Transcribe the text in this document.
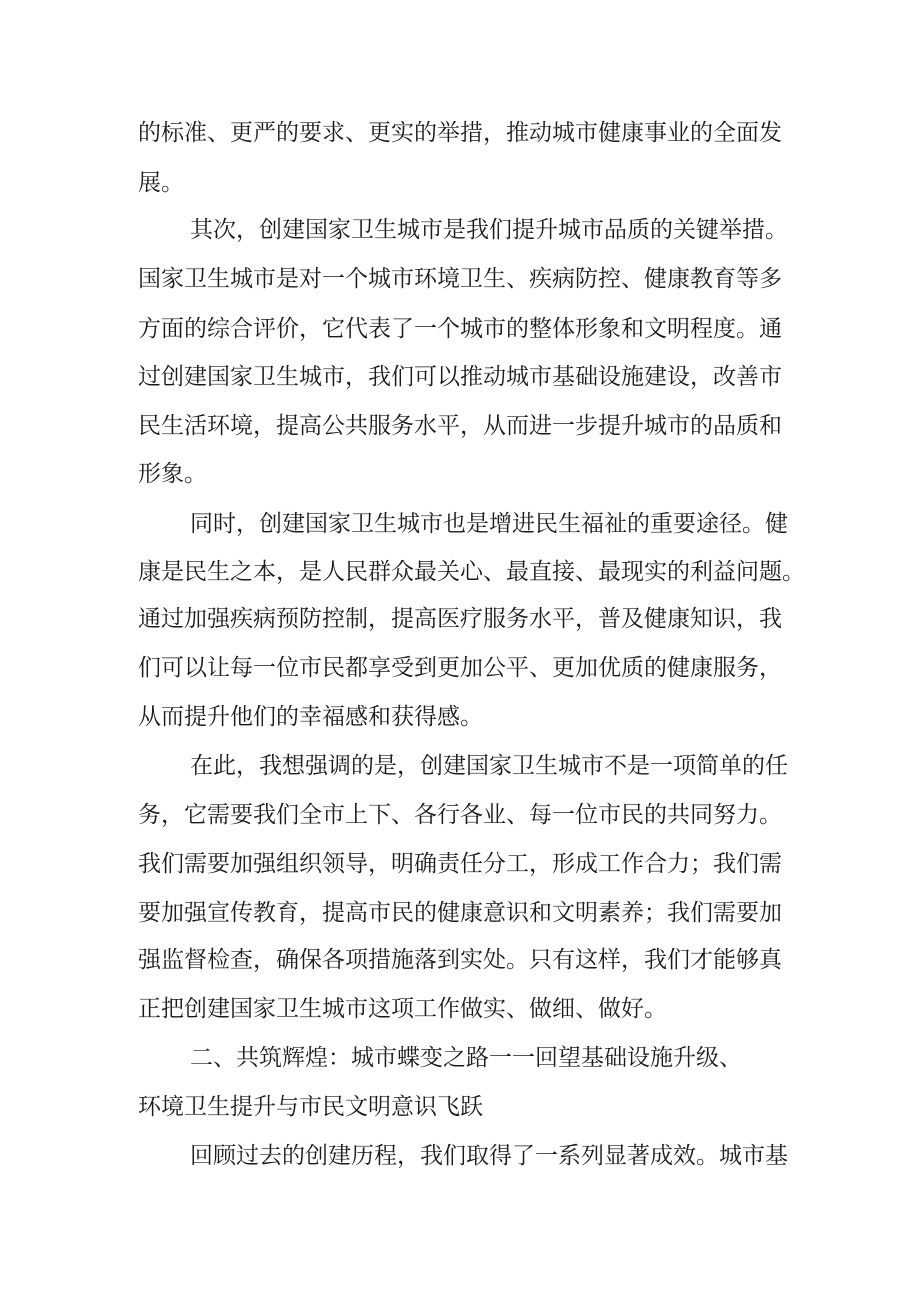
的标准、更严的要求、更实的举措，推动城市健康事业的全面发

展。

其次，创建国家卫生城市是我们提升城市品质的关键举措。

国家卫生城市是对一个城市环境卫生、疾病防控、健康教育等多

方面的综合评价，它代表了一个城市的整体形象和文明程度。通

过创建国家卫生城市，我们可以推动城市基础设施建设，改善市

民生活环境，提高公共服务水平，从而进一步提升城市的品质和

形象。

同时，创建国家卫生城市也是增进民生福祉的重要途径。健

康是民生之本，是人民群众最关心、最直接、最现实的利益问题。

通过加强疾病预防控制，提高医疗服务水平，普及健康知识，我

们可以让每一位市民都享受到更加公平、更加优质的健康服务，

从而提升他们的幸福感和获得感。

在此，我想强调的是，创建国家卫生城市不是一项简单的任

务，它需要我们全市上下、各行各业、每一位市民的共同努力。

我们需要加强组织领导，明确责任分工，形成工作合力；我们需

要加强宣传教育，提高市民的健康意识和文明素养；我们需要加

强监督检查，确保各项措施落到实处。只有这样，我们才能够真

正把创建国家卫生城市这项工作做实、做细、做好。

二、共筑辉煌：城市蝶变之路一一回望基础设施升级、

环境卫生提升与市民文明意识飞跃

回顾过去的创建历程，我们取得了一系列显著成效。城市基
